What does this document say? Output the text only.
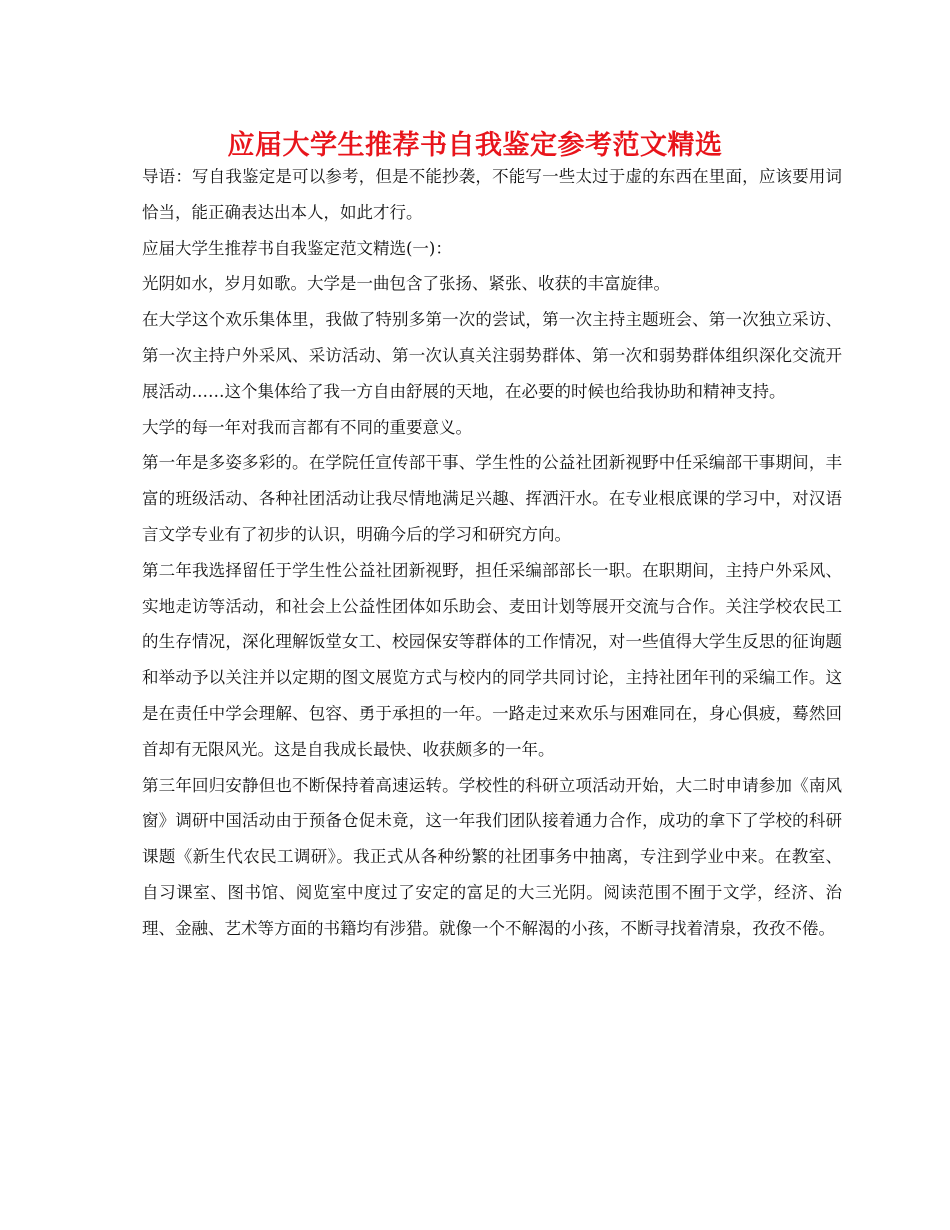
应届大学生推荐书自我鉴定参考范文精选

导语：写自我鉴定是可以参考，但是不能抄袭，不能写一些太过于虚的东西在里面，应该要用词恰当，能正确表达出本人，如此才行。

应届大学生推荐书自我鉴定范文精选(一)：

光阴如水，岁月如歌。大学是一曲包含了张扬、紧张、收获的丰富旋律。

在大学这个欢乐集体里，我做了特别多第一次的尝试，第一次主持主题班会、第一次独立采访、第一次主持户外采风、采访活动、第一次认真关注弱势群体、第一次和弱势群体组织深化交流开展活动……这个集体给了我一方自由舒展的天地，在必要的时候也给我协助和精神支持。

大学的每一年对我而言都有不同的重要意义。

第一年是多姿多彩的。在学院任宣传部干事、学生性的公益社团新视野中任采编部干事期间，丰富的班级活动、各种社团活动让我尽情地满足兴趣、挥洒汗水。在专业根底课的学习中，对汉语言文学专业有了初步的认识，明确今后的学习和研究方向。

第二年我选择留任于学生性公益社团新视野，担任采编部部长一职。在职期间，主持户外采风、实地走访等活动，和社会上公益性团体如乐助会、麦田计划等展开交流与合作。关注学校农民工的生存情况，深化理解饭堂女工、校园保安等群体的工作情况，对一些值得大学生反思的征询题和举动予以关注并以定期的图文展览方式与校内的同学共同讨论，主持社团年刊的采编工作。这是在责任中学会理解、包容、勇于承担的一年。一路走过来欢乐与困难同在，身心俱疲，蓦然回首却有无限风光。这是自我成长最快、收获颇多的一年。

第三年回归安静但也不断保持着高速运转。学校性的科研立项活动开始，大二时申请参加《南风窗》调研中国活动由于预备仓促未竟，这一年我们团队接着通力合作，成功的拿下了学校的科研课题《新生代农民工调研》。我正式从各种纷繁的社团事务中抽离，专注到学业中来。在教室、自习课室、图书馆、阅览室中度过了安定的富足的大三光阴。阅读范围不囿于文学，经济、治理、金融、艺术等方面的书籍均有涉猎。就像一个不解渴的小孩，不断寻找着清泉，孜孜不倦。
